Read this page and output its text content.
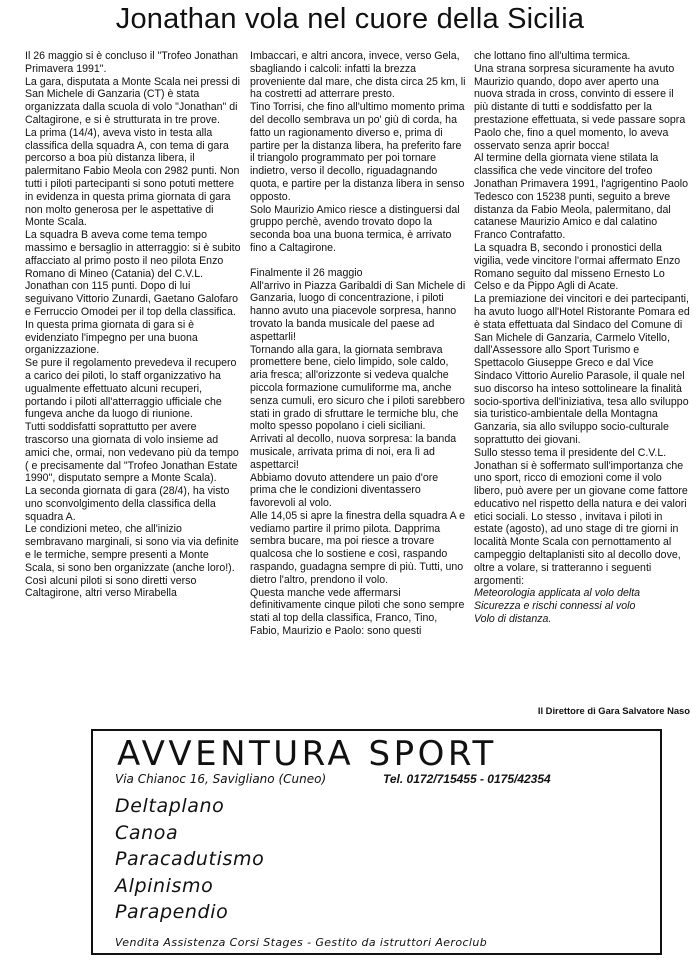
Jonathan vola nel cuore della Sicilia

Il 26 maggio si è concluso il "Trofeo Jonathan Primavera 1991".

La gara, disputata a Monte Scala nei pressi di San Michele di Ganzaria (CT) è stata organizzata dalla scuola di volo "Jonathan" di Caltagirone, e si è strutturata in tre prove.

La prima (14/4), aveva visto in testa alla classifica della squadra A, con tema di gara percorso a boa più distanza libera, il palermitano Fabio Meola con 2982 punti. Non tutti i piloti partecipanti si sono potuti mettere in evidenza in questa prima giornata di gara non molto generosa per le aspettative di Monte Scala.

La squadra B aveva come tema tempo massimo e bersaglio in atterraggio: si è subito affacciato al primo posto il neo pilota Enzo Romano di Mineo (Catania) del C.V.L. Jonathan con 115 punti. Dopo di lui seguivano Vittorio Zunardi, Gaetano Galofaro e Ferruccio Omodei per il top della classifica.

In questa prima giornata di gara si è evidenziato l'impegno per una buona organizzazione.

Se pure il regolamento prevedeva il recupero a carico dei piloti, lo staff organizzativo ha ugualmente effettuato alcuni recuperi, portando i piloti all'atterraggio ufficiale che fungeva anche da luogo di riunione.

Tutti soddisfatti soprattutto per avere trascorso una giornata di volo insieme ad amici che, ormai, non vedevano più da tempo ( e precisamente dal "Trofeo Jonathan Estate 1990", disputato sempre a Monte Scala).

La seconda giornata di gara (28/4), ha visto uno sconvolgimento della classifica della squadra A.

Le condizioni meteo, che all'inizio sembravano marginali, si sono via via definite e le termiche, sempre presenti a Monte Scala, si sono ben organizzate (anche loro!).

Così alcuni piloti si sono diretti verso Caltagirone, altri verso Mirabella

Imbaccari, e altri ancora, invece, verso Gela, sbagliando i calcoli: infatti la brezza proveniente dal mare, che dista circa 25 km, li ha costretti ad atterrare presto.

Tino Torrisi, che fino all'ultimo momento prima del decollo sembrava un po' giù di corda, ha fatto un ragionamento diverso e, prima di partire per la distanza libera, ha preferito fare il triangolo programmato per poi tornare indietro, verso il decollo, riguadagnando quota, e partire per la distanza libera in senso opposto.

Solo Maurizio Amico riesce a distinguersi dal gruppo perchè, avendo trovato dopo la seconda boa una buona termica, è arrivato fino a Caltagirone.

Finalmente il 26 maggio

All'arrivo in Piazza Garibaldi di San Michele di Ganzaria, luogo di concentrazione, i piloti hanno avuto una piacevole sorpresa, hanno trovato la banda musicale del paese ad aspettarli!

Tornando alla gara, la giornata sembrava promettere bene, cielo limpido, sole caldo, aria fresca; all'orizzonte si vedeva qualche piccola formazione cumuliforme ma, anche senza cumuli, ero sicuro che i piloti sarebbero stati in grado di sfruttare le termiche blu, che molto spesso popolano i cieli siciliani.

Arrivati al decollo, nuova sorpresa: la banda musicale, arrivata prima di noi, era lì ad aspettarci!

Abbiamo dovuto attendere un paio d'ore prima che le condizioni diventassero favorevoli al volo.

Alle 14,05 si apre la finestra della squadra A e vediamo partire il primo pilota. Dapprima sembra bucare, ma poi riesce a trovare qualcosa che lo sostiene e così, raspando raspando, guadagna sempre di più. Tutti, uno dietro l'altro, prendono il volo.

Questa manche vede affermarsi definitivamente cinque piloti che sono sempre stati al top della classifica, Franco, Tino, Fabio, Maurizio e Paolo: sono questi

che lottano fino all'ultima termica.

Una strana sorpresa sicuramente ha avuto Maurizio quando, dopo aver aperto una nuova strada in cross, convinto di essere il più distante di tutti e soddisfatto per la prestazione effettuata, si vede passare sopra Paolo che, fino a quel momento, lo aveva osservato senza aprir bocca!

Al termine della giornata viene stilata la classifica che vede vincitore del trofeo Jonathan Primavera 1991, l'agrigentino Paolo Tedesco con 15238 punti, seguito a breve distanza da Fabio Meola, palermitano, dal catanese Maurizio Amico e dal calatino Franco Contrafatto.

La squadra B, secondo i pronostici della vigilia, vede vincitore l'ormai affermato Enzo Romano seguito dal misseno Ernesto Lo Celso e da Pippo Agli di Acate.

La premiazione dei vincitori e dei partecipanti, ha avuto luogo all'Hotel Ristorante Pomara ed è stata effettuata dal Sindaco del Comune di San Michele di Ganzaria, Carmelo Vitello, dall'Assessore allo Sport Turismo e Spettacolo Giuseppe Greco e dal Vice Sindaco Vittorio Aurelio Parasole, il quale nel suo discorso ha inteso sottolineare la finalità socio-sportiva dell'iniziativa, tesa allo sviluppo sia turistico-ambientale della Montagna Ganzaria, sia allo sviluppo socio-culturale soprattutto dei giovani.

Sullo stesso tema il presidente del C.V.L. Jonathan si è soffermato sull'importanza che uno sport, ricco di emozioni come il volo libero, può avere per un giovane come fattore educativo nel rispetto della natura e dei valori etici sociali. Lo stesso , invitava i piloti in estate (agosto), ad uno stage di tre giorni in località Monte Scala con pernottamento al campeggio deltaplanisti sito al decollo dove, oltre a volare, si tratteranno i seguenti argomenti:

Meteorologia applicata al volo delta

Sicurezza e rischi connessi al volo

Volo di distanza.

Il Direttore di Gara Salvatore Naso
AVVENTURA SPORT
Via Chianoc 16, Savigliano (Cuneo)	Tel. 0172/715455 - 0175/42354
Deltaplano
Canoa
Paracadutismo
Alpinismo
Parapendio
Vendita Assistenza Corsi Stages - Gestito da istruttori Aeroclub
